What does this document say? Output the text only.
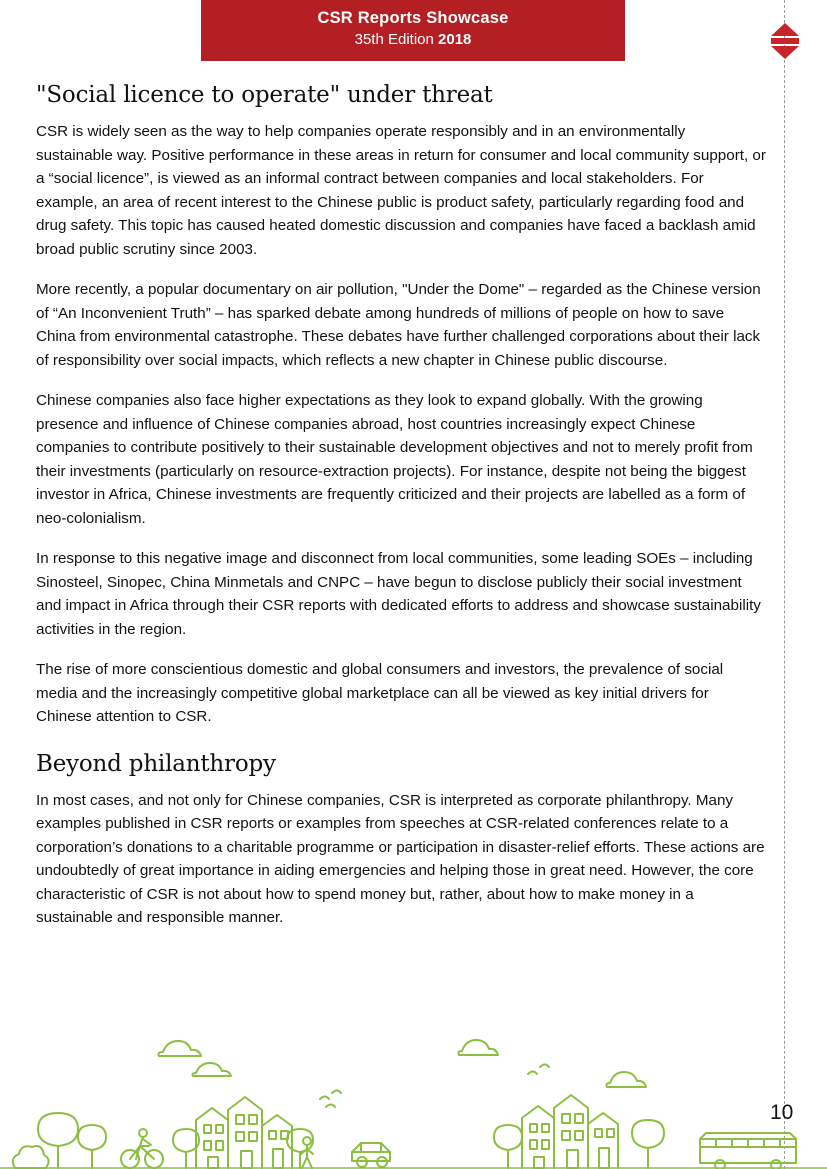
CSR Reports Showcase
35th Edition 2018
"Social licence to operate" under threat

CSR is widely seen as the way to help companies operate responsibly and in an environmentally sustainable way. Positive performance in these areas in return for consumer and local community support, or a “social licence”, is viewed as an informal contract between companies and local stakeholders. For example, an area of recent interest to the Chinese public is product safety, particularly regarding food and drug safety. This topic has caused heated domestic discussion and companies have faced a backlash amid broad public scrutiny since 2003.

More recently, a popular documentary on air pollution, "Under the Dome" – regarded as the Chinese version of “An Inconvenient Truth” – has sparked debate among hundreds of millions of people on how to save China from environmental catastrophe. These debates have further challenged corporations about their lack of responsibility over social impacts, which reflects a new chapter in Chinese public discourse.

Chinese companies also face higher expectations as they look to expand globally. With the growing presence and influence of Chinese companies abroad, host countries increasingly expect Chinese companies to contribute positively to their sustainable development objectives and not to merely profit from their investments (particularly on resource-extraction projects). For instance, despite not being the biggest investor in Africa, Chinese investments are frequently criticized and their projects are labelled as a form of neo-colonialism.

In response to this negative image and disconnect from local communities, some leading SOEs – including Sinosteel, Sinopec, China Minmetals and CNPC – have begun to disclose publicly their social investment and impact in Africa through their CSR reports with dedicated efforts to address and showcase sustainability activities in the region.

The rise of more conscientious domestic and global consumers and investors, the prevalence of social media and the increasingly competitive global marketplace can all be viewed as key initial drivers for Chinese attention to CSR.

Beyond philanthropy

In most cases, and not only for Chinese companies, CSR is interpreted as corporate philanthropy. Many examples published in CSR reports or examples from speeches at CSR-related conferences relate to a corporation’s donations to a charitable programme or participation in disaster-relief efforts. These actions are undoubtedly of great importance in aiding emergencies and helping those in great need. However, the core characteristic of CSR is not about how to spend money but, rather, about how to make money in a sustainable and responsible manner.

10
